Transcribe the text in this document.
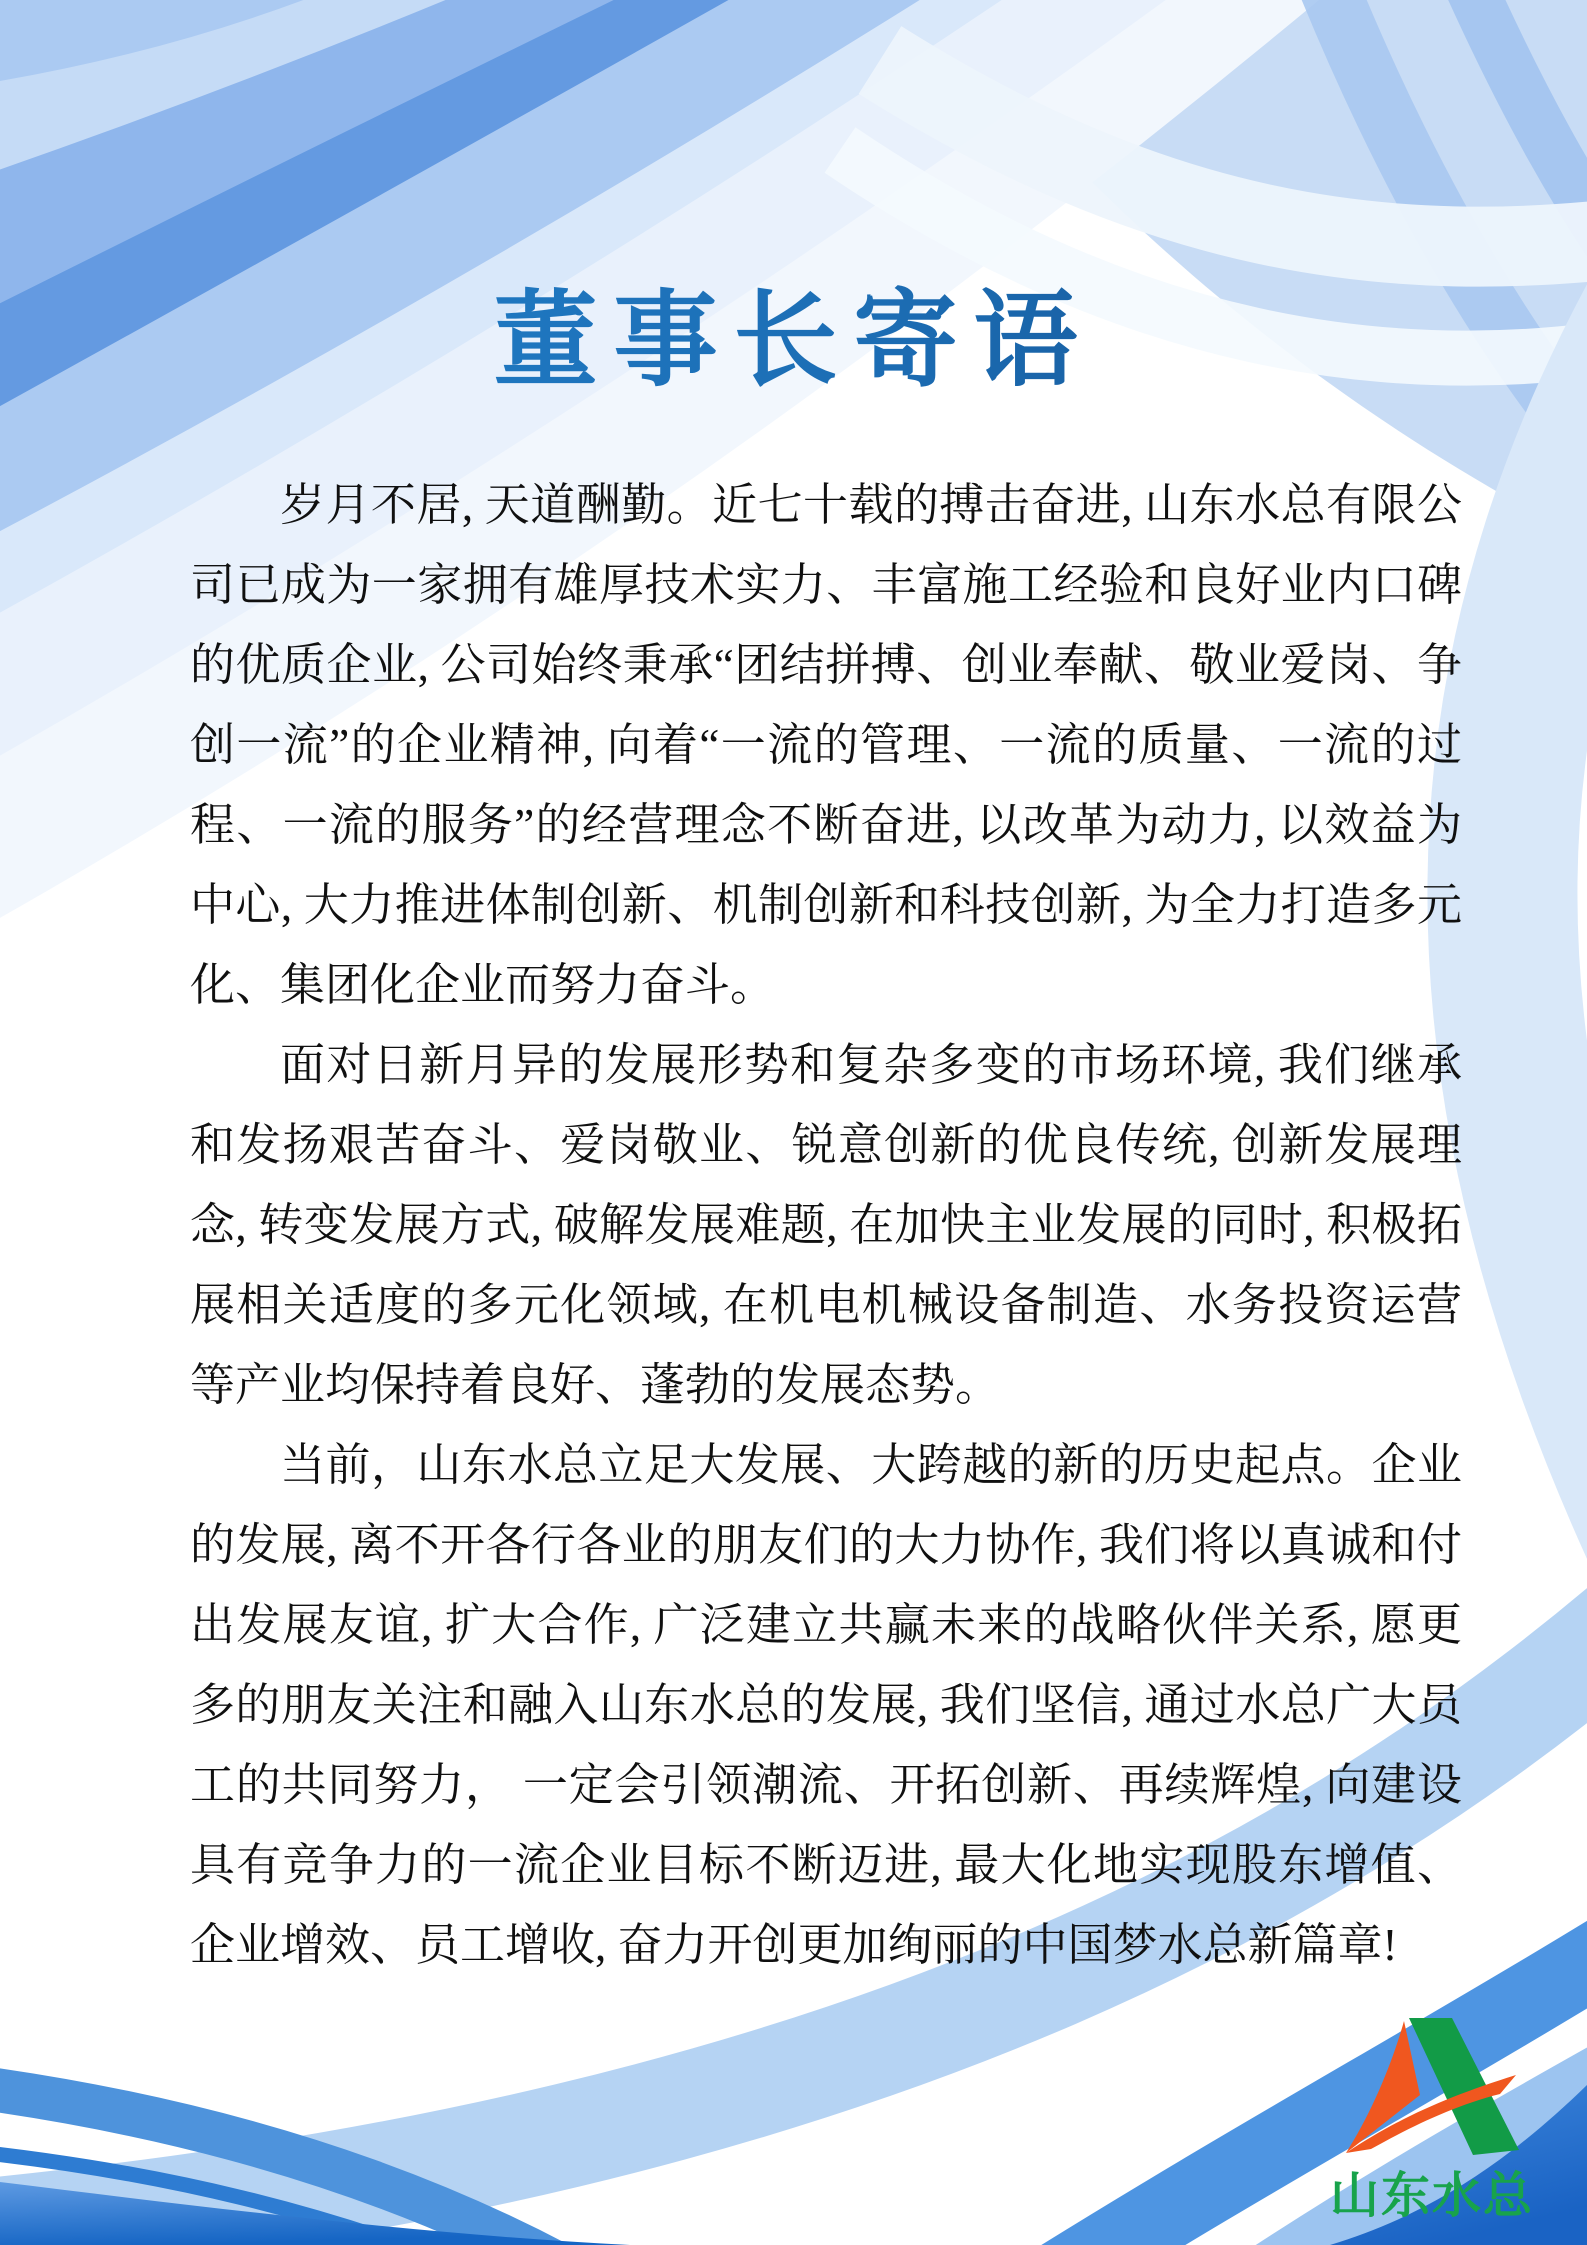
董事长寄语

岁月不居, 天道酬勤。近七十载的搏击奋进, 山东水总有限公司已成为一家拥有雄厚技术实力、丰富施工经验和良好业内口碑的优质企业, 公司始终秉承“团结拼搏、创业奉献、敬业爱岗、争创一流”的企业精神, 向着“一流的管理、一流的质量、一流的过程、一流的服务”的经营理念不断奋进, 以改革为动力, 以效益为中心, 大力推进体制创新、机制创新和科技创新, 为全力打造多元化、集团化企业而努力奋斗。

面对日新月异的发展形势和复杂多变的市场环境, 我们继承和发扬艰苦奋斗、爱岗敬业、锐意创新的优良传统, 创新发展理念, 转变发展方式, 破解发展难题, 在加快主业发展的同时, 积极拓展相关适度的多元化领域, 在机电机械设备制造、水务投资运营等产业均保持着良好、蓬勃的发展态势。

当前，山东水总立足大发展、大跨越的新的历史起点。企业的发展, 离不开各行各业的朋友们的大力协作, 我们将以真诚和付出发展友谊, 扩大合作, 广泛建立共赢未来的战略伙伴关系, 愿更多的朋友关注和融入山东水总的发展, 我们坚信, 通过水总广大员工的共同努力， 一定会引领潮流、开拓创新、再续辉煌, 向建设具有竞争力的一流企业目标不断迈进, 最大化地实现股东增值、企业增效、员工增收, 奋力开创更加绚丽的中国梦水总新篇章!

山东水总
